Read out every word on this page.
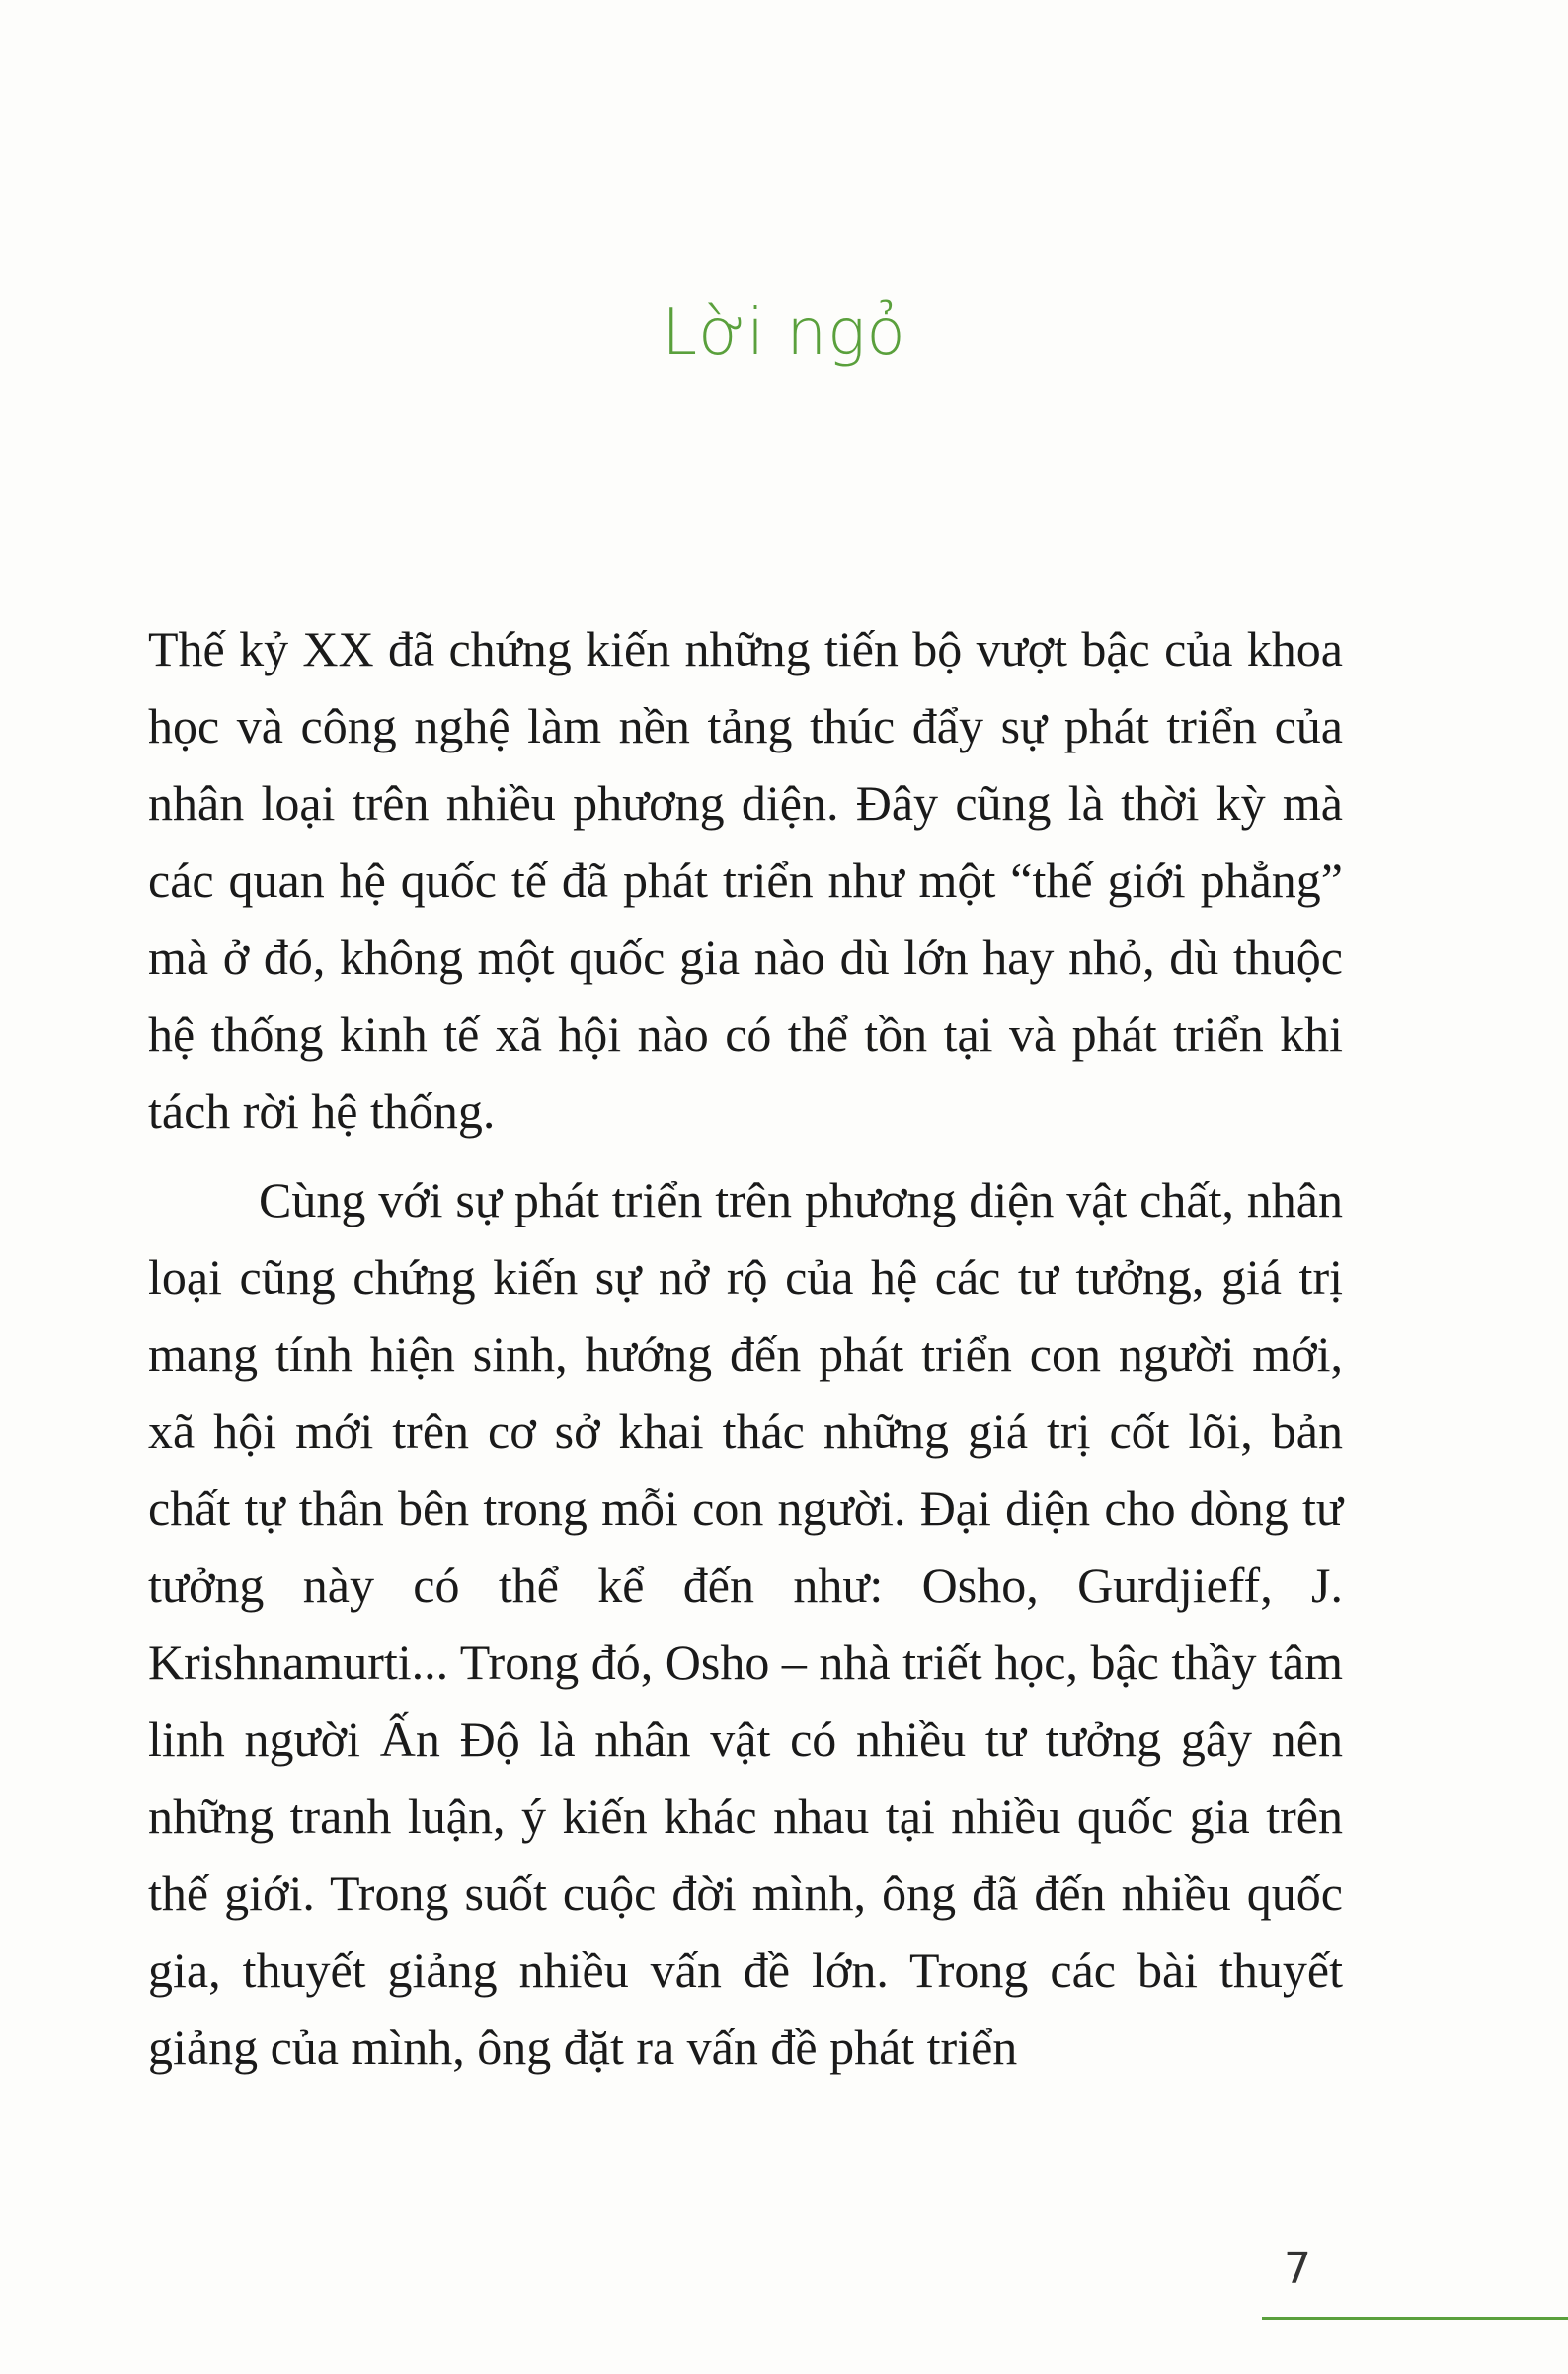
Lời ngỏ

Thế kỷ XX đã chứng kiến những tiến bộ vượt bậc của khoa học và công nghệ làm nền tảng thúc đẩy sự phát triển của nhân loại trên nhiều phương diện. Đây cũng là thời kỳ mà các quan hệ quốc tế đã phát triển như một “thế giới phẳng” mà ở đó, không một quốc gia nào dù lớn hay nhỏ, dù thuộc hệ thống kinh tế xã hội nào có thể tồn tại và phát triển khi tách rời hệ thống.

Cùng với sự phát triển trên phương diện vật chất, nhân loại cũng chứng kiến sự nở rộ của hệ các tư tưởng, giá trị mang tính hiện sinh, hướng đến phát triển con người mới, xã hội mới trên cơ sở khai thác những giá trị cốt lõi, bản chất tự thân bên trong mỗi con người. Đại diện cho dòng tư tưởng này có thể kể đến như: Osho, Gurdjieff, J. Krishnamurti... Trong đó, Osho – nhà triết học, bậc thầy tâm linh người Ấn Độ là nhân vật có nhiều tư tưởng gây nên những tranh luận, ý kiến khác nhau tại nhiều quốc gia trên thế giới. Trong suốt cuộc đời mình, ông đã đến nhiều quốc gia, thuyết giảng nhiều vấn đề lớn. Trong các bài thuyết giảng của mình, ông đặt ra vấn đề phát triển

7
